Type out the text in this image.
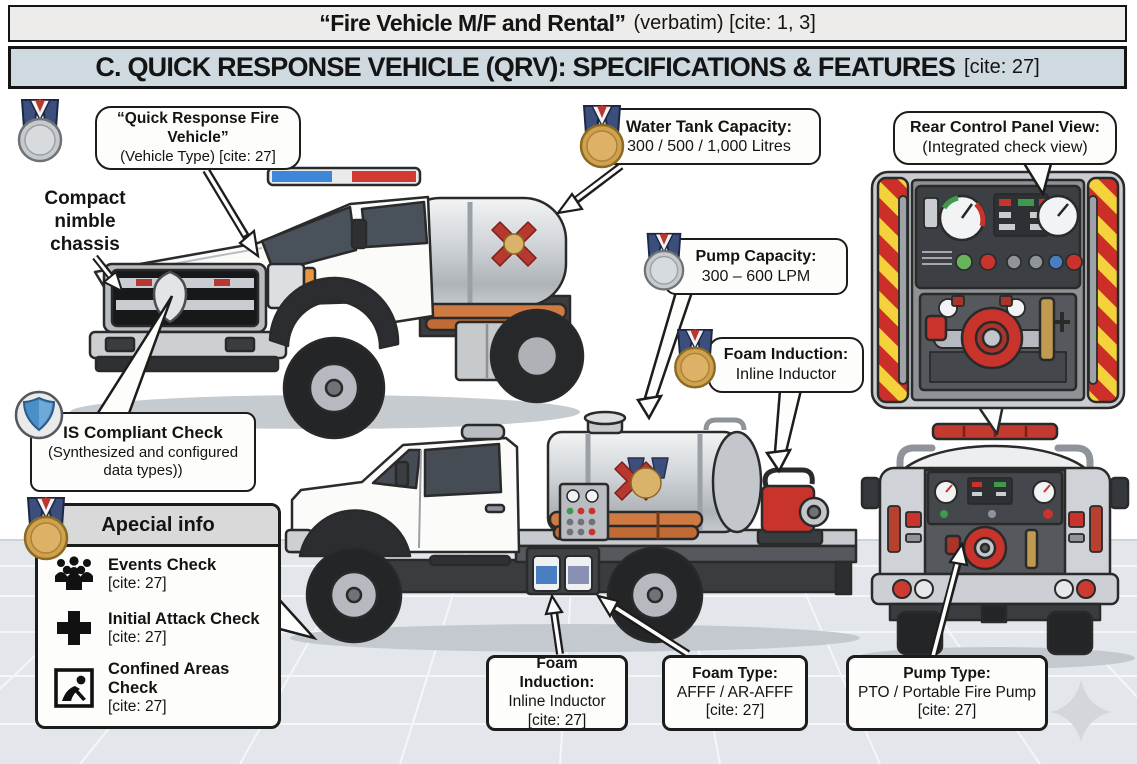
“Fire Vehicle M/F and Rental” (verbatim) [cite: 1, 3]
C. QUICK RESPONSE VEHICLE (QRV): SPECIFICATIONS & FEATURES [cite: 27]
“Quick Response Fire Vehicle”
(Vehicle Type) [cite: 27]
Compact
nimble
chassis
Water Tank Capacity:
300 / 500 / 1,000 Litres
Pump Capacity:
300 – 600 LPM
Rear Control Panel View:
(Integrated check view)
Foam Induction:
Inline Inductor
IS Compliant Check
(Synthesized and configured
data types))
Foam Induction:
Inline Inductor
[cite: 27]
Foam Type:
AFFF / AR-AFFF
[cite: 27]
Pump Type:
PTO / Portable Fire Pump
[cite: 27]
Apecial info
Events Check
[cite: 27]
Initial Attack Check
[cite: 27]
Confined Areas Check
[cite: 27]
